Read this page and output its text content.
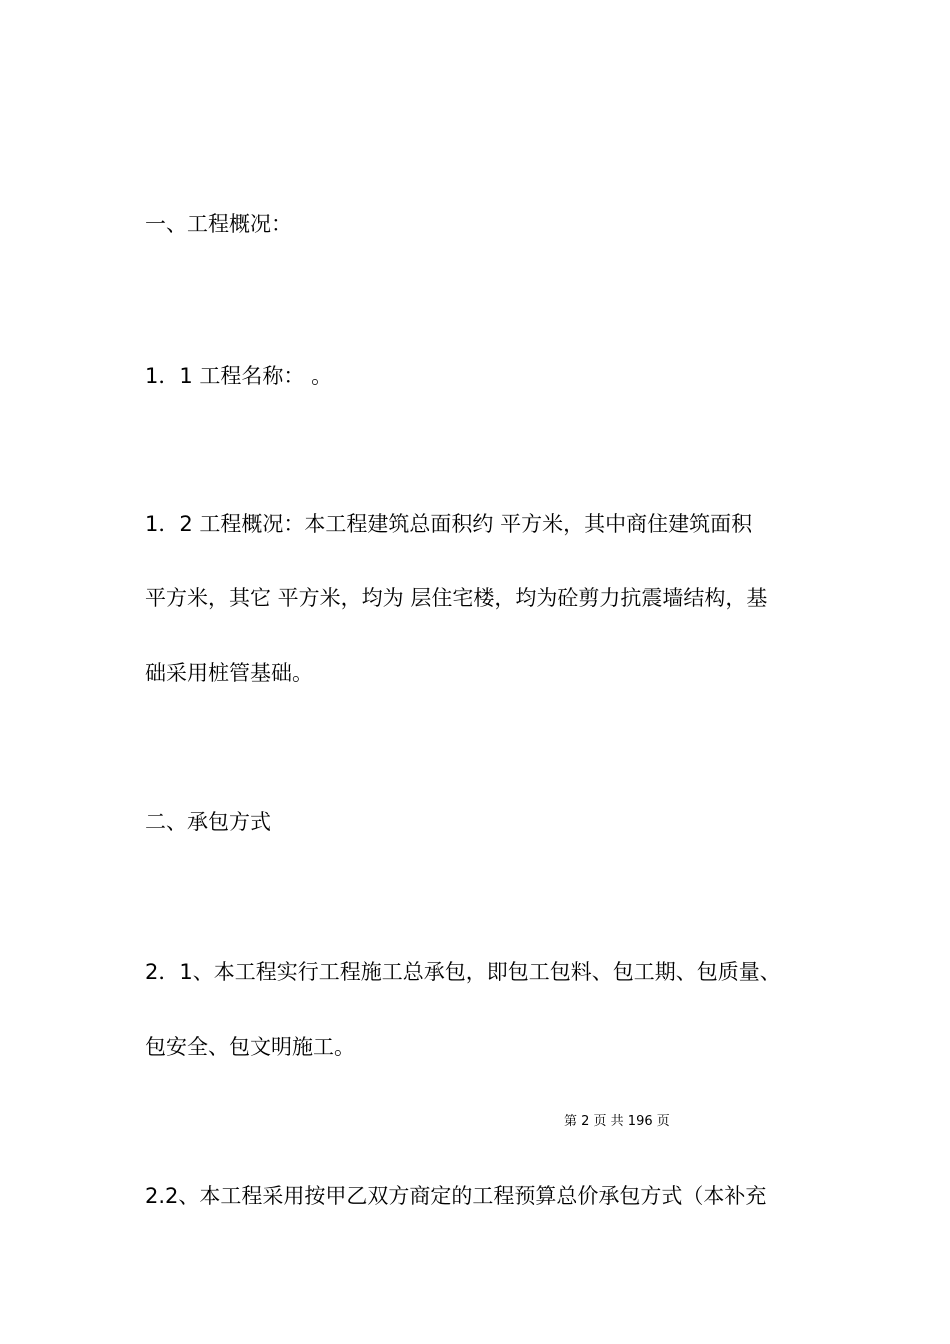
一、工程概况：

1．1 工程名称： 。

1．2 工程概况：本工程建筑总面积约 平方米，其中商住建筑面积

平方米，其它 平方米，均为 层住宅楼，均为砼剪力抗震墙结构，基

础采用桩管基础。

二、承包方式

2．1、本工程实行工程施工总承包，即包工包料、包工期、包质量、

包安全、包文明施工。

第 2 页 共 196 页

2.2、本工程采用按甲乙双方商定的工程预算总价承包方式（本补充
